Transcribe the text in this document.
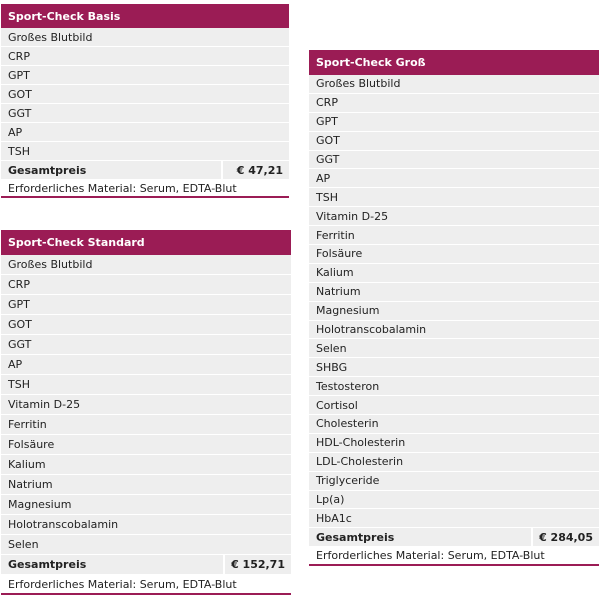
Sport-Check Basis
Großes Blutbild
CRP
GPT
GOT
GGT
AP
TSH
Gesamtpreis	€ 47,21
Erforderliches Material: Serum, EDTA-Blut
Sport-Check Standard
Großes Blutbild
CRP
GPT
GOT
GGT
AP
TSH
Vitamin D-25
Ferritin
Folsäure
Kalium
Natrium
Magnesium
Holotranscobalamin
Selen
Gesamtpreis	€ 152,71
Erforderliches Material: Serum, EDTA-Blut
Sport-Check Groß
Großes Blutbild
CRP
GPT
GOT
GGT
AP
TSH
Vitamin D-25
Ferritin
Folsäure
Kalium
Natrium
Magnesium
Holotranscobalamin
Selen
SHBG
Testosteron
Cortisol
Cholesterin
HDL-Cholesterin
LDL-Cholesterin
Triglyceride
Lp(a)
HbA1c
Gesamtpreis	€ 284,05
Erforderliches Material: Serum, EDTA-Blut
